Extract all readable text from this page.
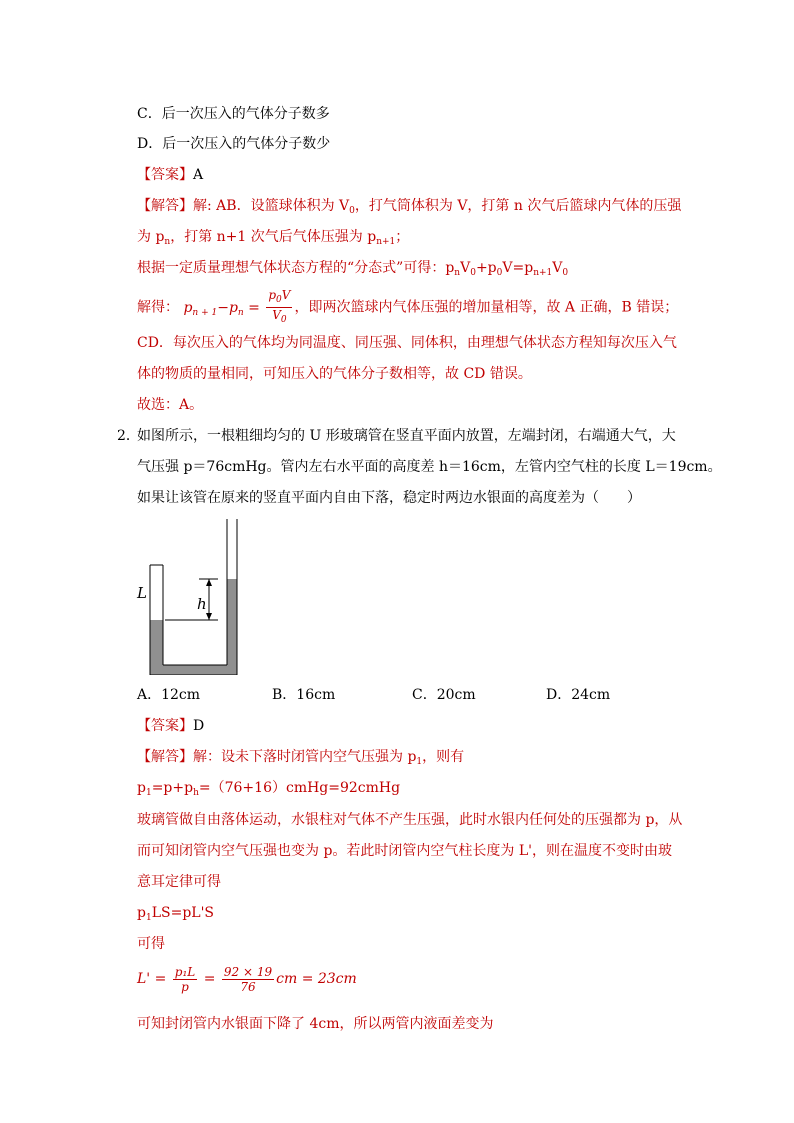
C．后一次压入的气体分子数多
D．后一次压入的气体分子数少
【答案】A
【解答】解: AB．设篮球体积为 $V_0$，打气筒体积为 V，打第 n 次气后篮球内气体的压强
为 $p_n$，打第 n+1 次气后气体压强为 $p_{n+1}$；
根据一定质量理想气体状态方程的“分态式”可得：$p_nV_0+p_0V=p_{n+1}V_0$
解得： $p_{n + 1}-p_n = \frac{p_0V}{V_0}$ ，即两次篮球内气体压强的增加量相等，故 A 正确，B 错误；
CD．每次压入的气体均为同温度、同压强、同体积，由理想气体状态方程知每次压入气
体的物质的量相同，可知压入的气体分子数相等，故 CD 错误。
故选：A。
2．
如图所示，一根粗细均匀的 U 形玻璃管在竖直平面内放置，左端封闭，右端通大气，大
气压强 p＝76cmHg。管内左右水平面的高度差 h＝16cm，左管内空气柱的长度 L＝19cm。
如果让该管在原来的竖直平面内自由下落，稳定时两边水银面的高度差为（　　）
L
h
A．12cm	B．16cm	C．20cm	D．24cm
【答案】D
【解答】解：设未下落时闭管内空气压强为 $p_1$，则有
$p_1=p+p_h=(76+16)cmHg=92cmHg$
玻璃管做自由落体运动，水银柱对气体不产生压强，此时水银内任何处的压强都为 p，从
而可知闭管内空气压强也变为 p。若此时闭管内空气柱长度为 L'，则在温度不变时由玻
意耳定律可得
$p_1LS=pL'S$
可得
$L' = \frac{\text{p₁L}}{p} = \frac{92 \times 19}{76}$ cm = 23cm
可知封闭管内水银面下降了 4cm，所以两管内液面差变为
